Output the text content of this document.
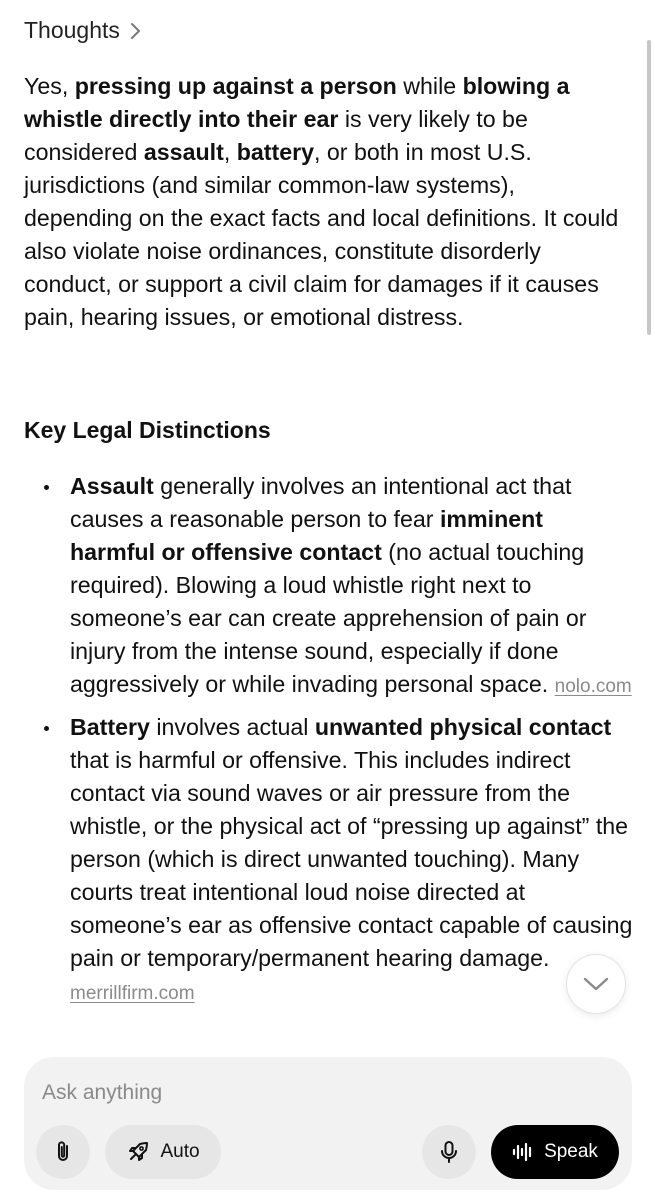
Thoughts

Yes, pressing up against a person while blowing a whistle directly into their ear is very likely to be considered assault, battery, or both in most U.S. jurisdictions (and similar common-law systems), depending on the exact facts and local definitions. It could also violate noise ordinances, constitute disorderly conduct, or support a civil claim for damages if it causes pain, hearing issues, or emotional distress.

Key Legal Distinctions
Assault generally involves an intentional act that causes a reasonable person to fear imminent harmful or offensive contact (no actual touching required). Blowing a loud whistle right next to someone’s ear can create apprehension of pain or injury from the intense sound, especially if done aggressively or while invading personal space. nolo.com
Battery involves actual unwanted physical contact that is harmful or offensive. This includes indirect contact via sound waves or air pressure from the whistle, or the physical act of “pressing up against” the person (which is direct unwanted touching). Many courts treat intentional loud noise directed at someone’s ear as offensive contact capable of causing pain or temporary/permanent hearing damage. merrillfirm.com
Ask anything
Auto	Speak
